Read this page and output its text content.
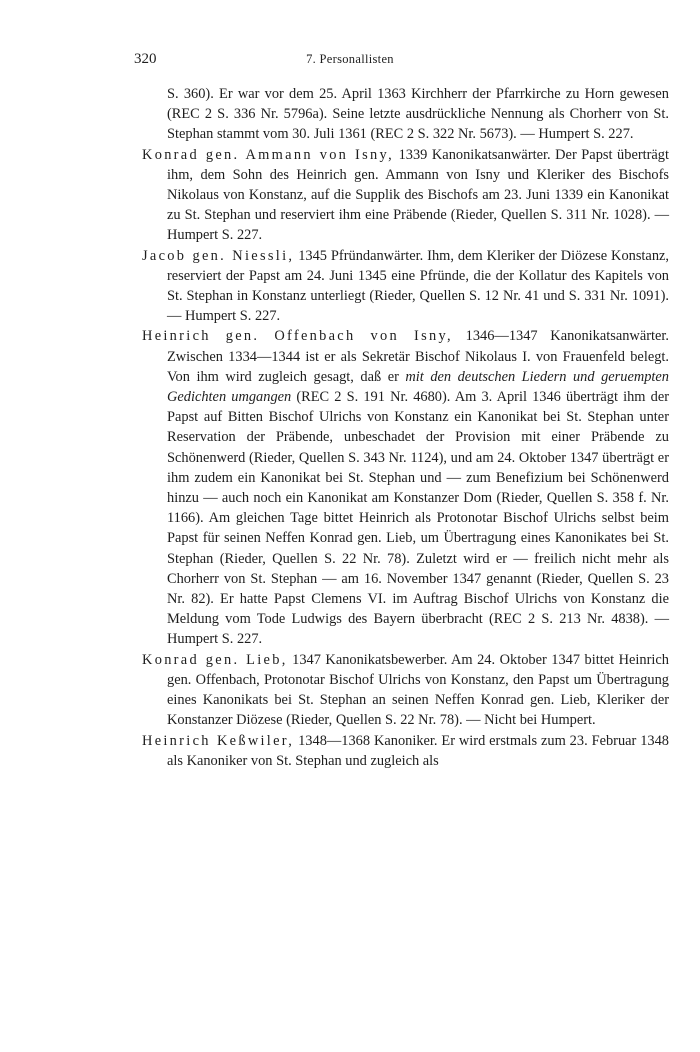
320	7. Personallisten

S. 360). Er war vor dem 25. April 1363 Kirchherr der Pfarrkirche zu Horn gewesen (REC 2 S. 336 Nr. 5796a). Seine letzte ausdrückliche Nennung als Chorherr von St. Stephan stammt vom 30. Juli 1361 (REC 2 S. 322 Nr. 5673). — Humpert S. 227.

Konrad gen. Ammann von Isny, 1339 Kanonikatsanwärter. Der Papst überträgt ihm, dem Sohn des Heinrich gen. Ammann von Isny und Kleriker des Bischofs Nikolaus von Konstanz, auf die Supplik des Bischofs am 23. Juni 1339 ein Kanonikat zu St. Stephan und reserviert ihm eine Präbende (Rieder, Quellen S. 311 Nr. 1028). — Humpert S. 227.

Jacob gen. Niessli, 1345 Pfründanwärter. Ihm, dem Kleriker der Diözese Konstanz, reserviert der Papst am 24. Juni 1345 eine Pfründe, die der Kollatur des Kapitels von St. Stephan in Konstanz unterliegt (Rieder, Quellen S. 12 Nr. 41 und S. 331 Nr. 1091). — Humpert S. 227.

Heinrich gen. Offenbach von Isny, 1346—1347 Kanonikatsanwärter. Zwischen 1334—1344 ist er als Sekretär Bischof Nikolaus I. von Frauenfeld belegt. Von ihm wird zugleich gesagt, daß er mit den deutschen Liedern und geruempten Gedichten umgangen (REC 2 S. 191 Nr. 4680). Am 3. April 1346 überträgt ihm der Papst auf Bitten Bischof Ulrichs von Konstanz ein Kanonikat bei St. Stephan unter Reservation der Präbende, unbeschadet der Provision mit einer Präbende zu Schönenwerd (Rieder, Quellen S. 343 Nr. 1124), und am 24. Oktober 1347 überträgt er ihm zudem ein Kanonikat bei St. Stephan und — zum Benefizium bei Schönenwerd hinzu — auch noch ein Kanonikat am Konstanzer Dom (Rieder, Quellen S. 358 f. Nr. 1166). Am gleichen Tage bittet Heinrich als Protonotar Bischof Ulrichs selbst beim Papst für seinen Neffen Konrad gen. Lieb, um Übertragung eines Kanonikates bei St. Stephan (Rieder, Quellen S. 22 Nr. 78). Zuletzt wird er — freilich nicht mehr als Chorherr von St. Stephan — am 16. November 1347 genannt (Rieder, Quellen S. 23 Nr. 82). Er hatte Papst Clemens VI. im Auftrag Bischof Ulrichs von Konstanz die Meldung vom Tode Ludwigs des Bayern überbracht (REC 2 S. 213 Nr. 4838). — Humpert S. 227.

Konrad gen. Lieb, 1347 Kanonikatsbewerber. Am 24. Oktober 1347 bittet Heinrich gen. Offenbach, Protonotar Bischof Ulrichs von Konstanz, den Papst um Übertragung eines Kanonikats bei St. Stephan an seinen Neffen Konrad gen. Lieb, Kleriker der Konstanzer Diözese (Rieder, Quellen S. 22 Nr. 78). — Nicht bei Humpert.

Heinrich Keßwiler, 1348—1368 Kanoniker. Er wird erstmals zum 23. Februar 1348 als Kanoniker von St. Stephan und zugleich als
